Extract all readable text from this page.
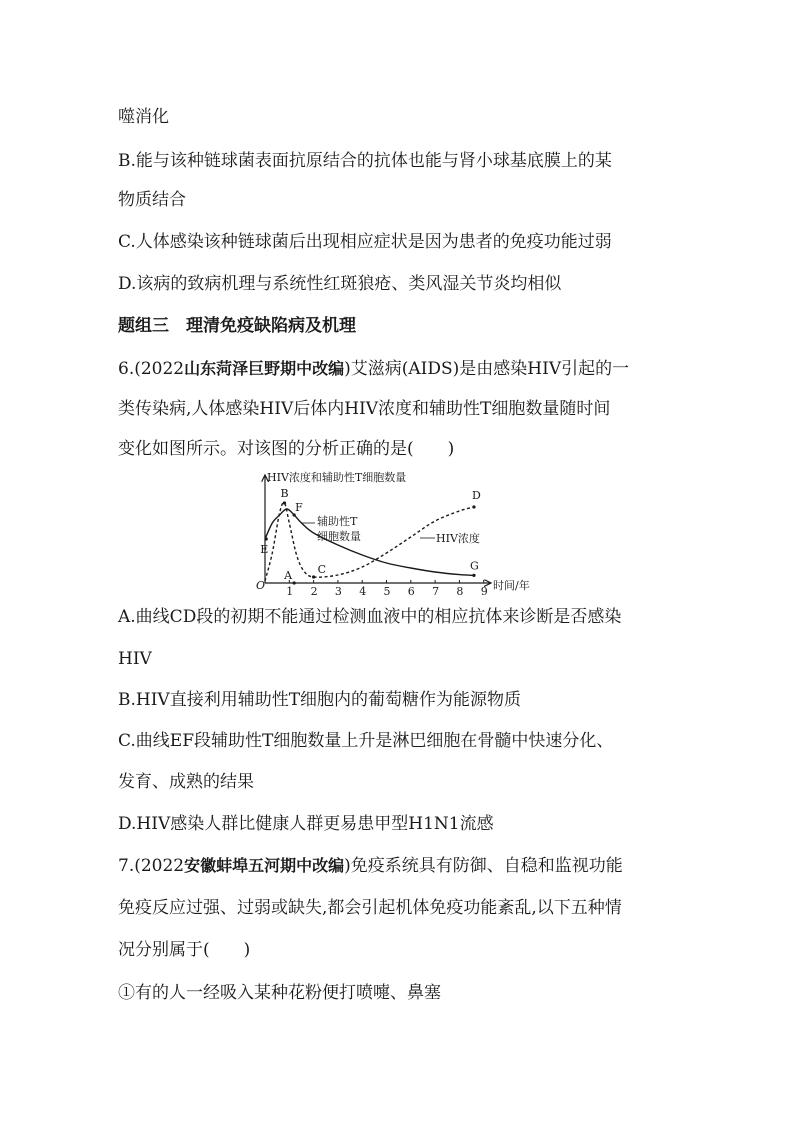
噬消化
B.能与该种链球菌表面抗原结合的抗体也能与肾小球基底膜上的某
物质结合
C.人体感染该种链球菌后出现相应症状是因为患者的免疫功能过弱
D.该病的致病机理与系统性红斑狼疮、类风湿关节炎均相似
题组三　理清免疫缺陷病及机理
6.(2022山东菏泽巨野期中改编)艾滋病(AIDS)是由感染HIV引起的一
类传染病,人体感染HIV后体内HIV浓度和辅助性T细胞数量随时间
变化如图所示。对该图的分析正确的是(　　)
HIV浓度和辅助性T细胞数量
时间/年
O 1 2 3 4 5 6 7 8 9
A
B
C
D
E
F
G
辅助性T
细胞数量	HIV浓度
A.曲线CD段的初期不能通过检测血液中的相应抗体来诊断是否感染
HIV
B.HIV直接利用辅助性T细胞内的葡萄糖作为能源物质
C.曲线EF段辅助性T细胞数量上升是淋巴细胞在骨髓中快速分化、
发育、成熟的结果
D.HIV感染人群比健康人群更易患甲型H1N1流感
7.(2022安徽蚌埠五河期中改编)免疫系统具有防御、自稳和监视功能
免疫反应过强、过弱或缺失,都会引起机体免疫功能紊乱,以下五种情
况分别属于(　　)
①有的人一经吸入某种花粉便打喷嚏、鼻塞
